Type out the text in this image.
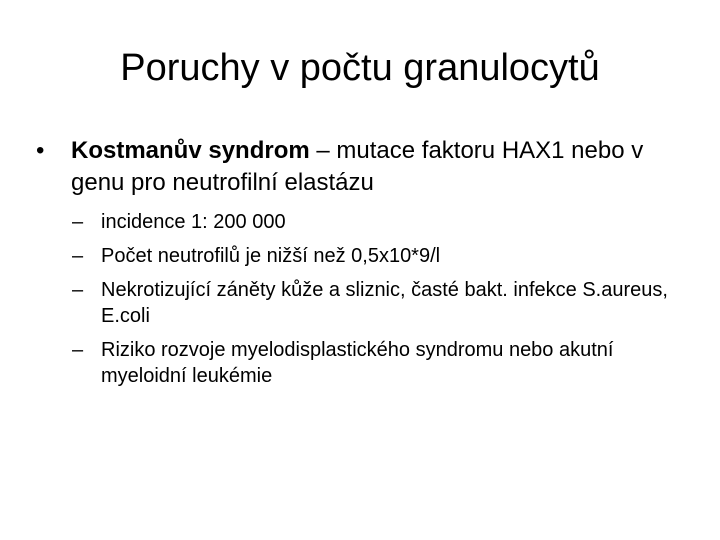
Poruchy v počtu granulocytů

• Kostmanův syndrom – mutace faktoru HAX1 nebo v genu pro neutrofilní elastázu

– incidence 1: 200 000
– Počet neutrofilů je nižší než 0,5x10*9/l
– Nekrotizující záněty kůže a sliznic, časté bakt. infekce S.aureus, E.coli
– Riziko rozvoje myelodisplastického syndromu nebo akutní myeloidní leukémie
